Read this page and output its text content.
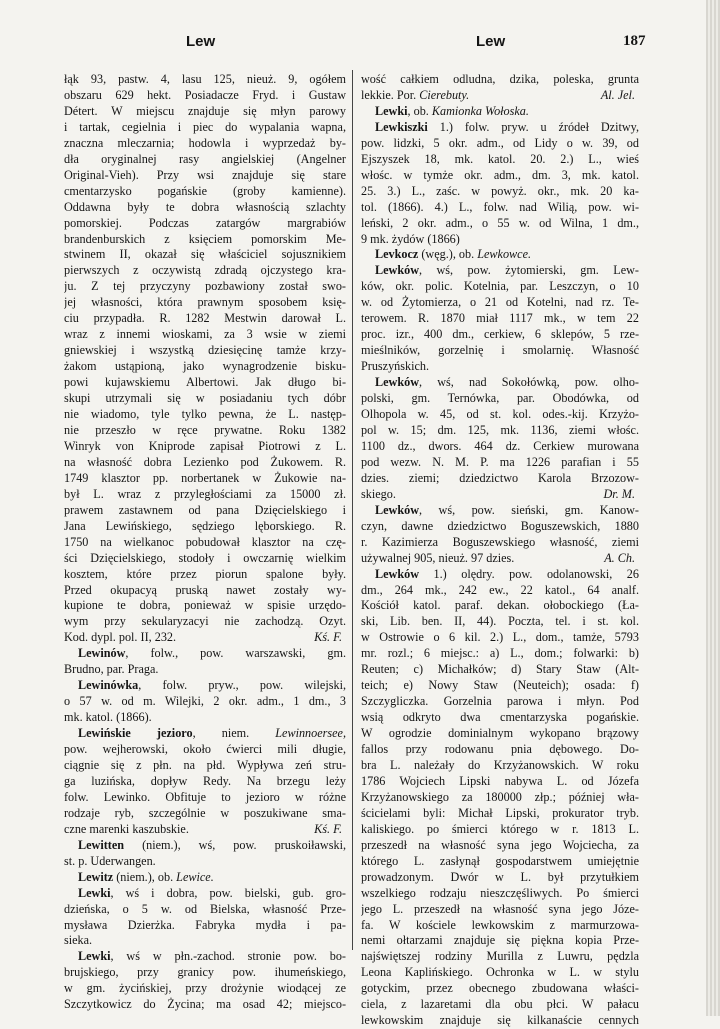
Lew	Lew	187
łąk 93, pastw. 4, lasu 125, nieuż. 9, ogółem
obszaru 629 hekt. Posiadacze Fryd. i Gustaw
Détert. W miejscu znajduje się młyn parowy
i tartak, cegielnia i piec do wypalania wapna,
znaczna mleczarnia; hodowla i wyprzedaż by-
dła oryginalnej rasy angielskiej (Angelner
Original-Vieh). Przy wsi znajduje się stare
cmentarzysko pogańskie (groby kamienne).
Oddawna były te dobra własnością szlachty
pomorskiej. Podczas zatargów margrabiów
brandenburskich z księciem pomorskim Me-
stwinem II, okazał się właściciel sojusznikiem
pierwszych z oczywistą zdradą ojczystego kra-
ju. Z tej przyczyny pozbawiony został swo-
jej własności, która prawnym sposobem księ-
ciu przypadła. R. 1282 Mestwin darował L.
wraz z innemi wioskami, za 3 wsie w ziemi
gniewskiej i wszystką dziesięcinę tamże krzy-
żakom ustąpioną, jako wynagrodzenie bisku-
powi kujawskiemu Albertowi. Jak długo bi-
skupi utrzymali się w posiadaniu tych dóbr
nie wiadomo, tyle tylko pewna, że L. następ-
nie przeszło w ręce prywatne. Roku 1382
Winryk von Kniprode zapisał Piotrowi z L.
na własność dobra Lezienko pod Żukowem. R.
1749 klasztor pp. norbertanek w Żukowie na-
był L. wraz z przyległościami za 15000 zł.
prawem zastawnem od pana Dzięcielskiego i
Jana Lewińskiego, sędziego lęborskiego. R.
1750 na wielkanoc pobudował klasztor na czę-
ści Dzięcielskiego, stodoły i owczarnię wielkim
kosztem, które przez piorun spalone były.
Przed okupacyą pruską nawet zostały wy-
kupione te dobra, ponieważ w spisie urzędo-
wym przy sekularyzacyi nie zachodzą. Ozyt.
Kod. dypl. pol. II, 232.	Kś. F.
Lewinów, folw., pow. warszawski, gm.
Brudno, par. Praga.
Lewinówka, folw. pryw., pow. wilejski,
o 57 w. od m. Wilejki, 2 okr. adm., 1 dm., 3
mk. katol. (1866).
Lewińskie jezioro, niem. Lewinnoersee,
pow. wejherowski, około ćwierci mili długie,
ciągnie się z płn. na płd. Wypływa zeń stru-
ga luzińska, dopływ Redy. Na brzegu leży
folw. Lewinko. Obfituje to jezioro w różne
rodzaje ryb, szczególnie w poszukiwane sma-
czne marenki kaszubskie.	Kś. F.
Lewitten (niem.), wś, pow. pruskoiławski,
st. p. Uderwangen.
Lewitz (niem.), ob. Lewice.
Lewki, wś i dobra, pow. bielski, gub. gro-
dzieńska, o 5 w. od Bielska, własność Prze-
mysława Dzierżka. Fabryka mydła i pa-
sieka.
Lewki, wś w płn.-zachod. stronie pow. bo-
brujskiego, przy granicy pow. ihumeńskiego,
w gm. życińskiej, przy drożynie wiodącej ze
Szczytkowicz do Życina; ma osad 42; miejsco-
wość całkiem odludna, dzika, poleska, grunta
lekkie. Por. Cierebuty.	Al. Jel.
Lewki, ob. Kamionka Wołoska.
Lewkiszki 1.) folw. pryw. u źródeł Dzitwy,
pow. lidzki, 5 okr. adm., od Lidy o w. 39, od
Ejszyszek 18, mk. katol. 20. 2.) L., wieś
włośc. w tymże okr. adm., dm. 3, mk. katol.
25. 3.) L., zaśc. w powyż. okr., mk. 20 ka-
tol. (1866). 4.) L., folw. nad Wilią, pow. wi-
leński, 2 okr. adm., o 55 w. od Wilna, 1 dm.,
9 mk. żydów (1866)
Levkocz (węg.), ob. Lewkowce.
Lewków, wś, pow. żytomierski, gm. Lew-
ków, okr. polic. Kotelnia, par. Leszczyn, o 10
w. od Żytomierza, o 21 od Kotelni, nad rz. Te-
terowem. R. 1870 miał 1117 mk., w tem 22
proc. izr., 400 dm., cerkiew, 6 sklepów, 5 rze-
mieślników, gorzelnię i smolarnię. Własność
Pruszyńskich.
Lewków, wś, nad Sokołówką, pow. olho-
polski, gm. Ternówka, par. Obodówka, od
Olhopola w. 45, od st. kol. odes.-kij. Krzyżo-
pol w. 15; dm. 125, mk. 1136, ziemi włośc.
1100 dz., dwors. 464 dz. Cerkiew murowana
pod wezw. N. M. P. ma 1226 parafian i 55
dzies. ziemi; dziedzictwo Karola Brzozow-
skiego.	Dr. M.
Lewków, wś, pow. sieński, gm. Kanow-
czyn, dawne dziedzictwo Boguszewskich, 1880
r. Kazimierza Boguszewskiego własność, ziemi
używalnej 905, nieuż. 97 dzies.	A. Ch.
Lewków 1.) olędry. pow. odolanowski, 26
dm., 264 mk., 242 ew., 22 katol., 64 analf.
Kościół katol. paraf. dekan. ołobockiego (Ła-
ski, Lib. ben. II, 44). Poczta, tel. i st. kol.
w Ostrowie o 6 kil. 2.) L., dom., tamże, 5793
mr. rozl.; 6 miejsc.: a) L., dom.; folwarki: b)
Reuten; c) Michałków; d) Stary Staw (Alt-
teich; e) Nowy Staw (Neuteich); osada: f)
Szczygliczka. Gorzelnia parowa i młyn. Pod
wsią odkryto dwa cmentarzyska pogańskie.
W ogrodzie dominialnym wykopano brązowy
fallos przy rodowanu pnia dębowego. Do-
bra L. należały do Krzyżanowskich. W roku
1786 Wojciech Lipski nabywa L. od Józefa
Krzyżanowskiego za 180000 złp.; później wła-
ścicielami byli: Michał Lipski, prokurator tryb.
kaliskiego. po śmierci którego w r. 1813 L.
przeszedł na własność syna jego Wojciecha, za
którego L. zasłynął gospodarstwem umiejętnie
prowadzonym. Dwór w L. był przytułkiem
wszelkiego rodzaju nieszczęśliwych. Po śmierci
jego L. przeszedł na własność syna jego Józe-
fa. W kościele lewkowskim z marmurzowa-
nemi ołtarzami znajduje się piękna kopia Prze-
najświętszej rodziny Murilla z Luwru, pędzla
Leona Kaplińskiego. Ochronka w L. w stylu
gotyckim, przez obecnego zbudowana właści-
ciela, z lazaretami dla obu płci. W pałacu
lewkowskim znajduje się kilkanaście cennych
